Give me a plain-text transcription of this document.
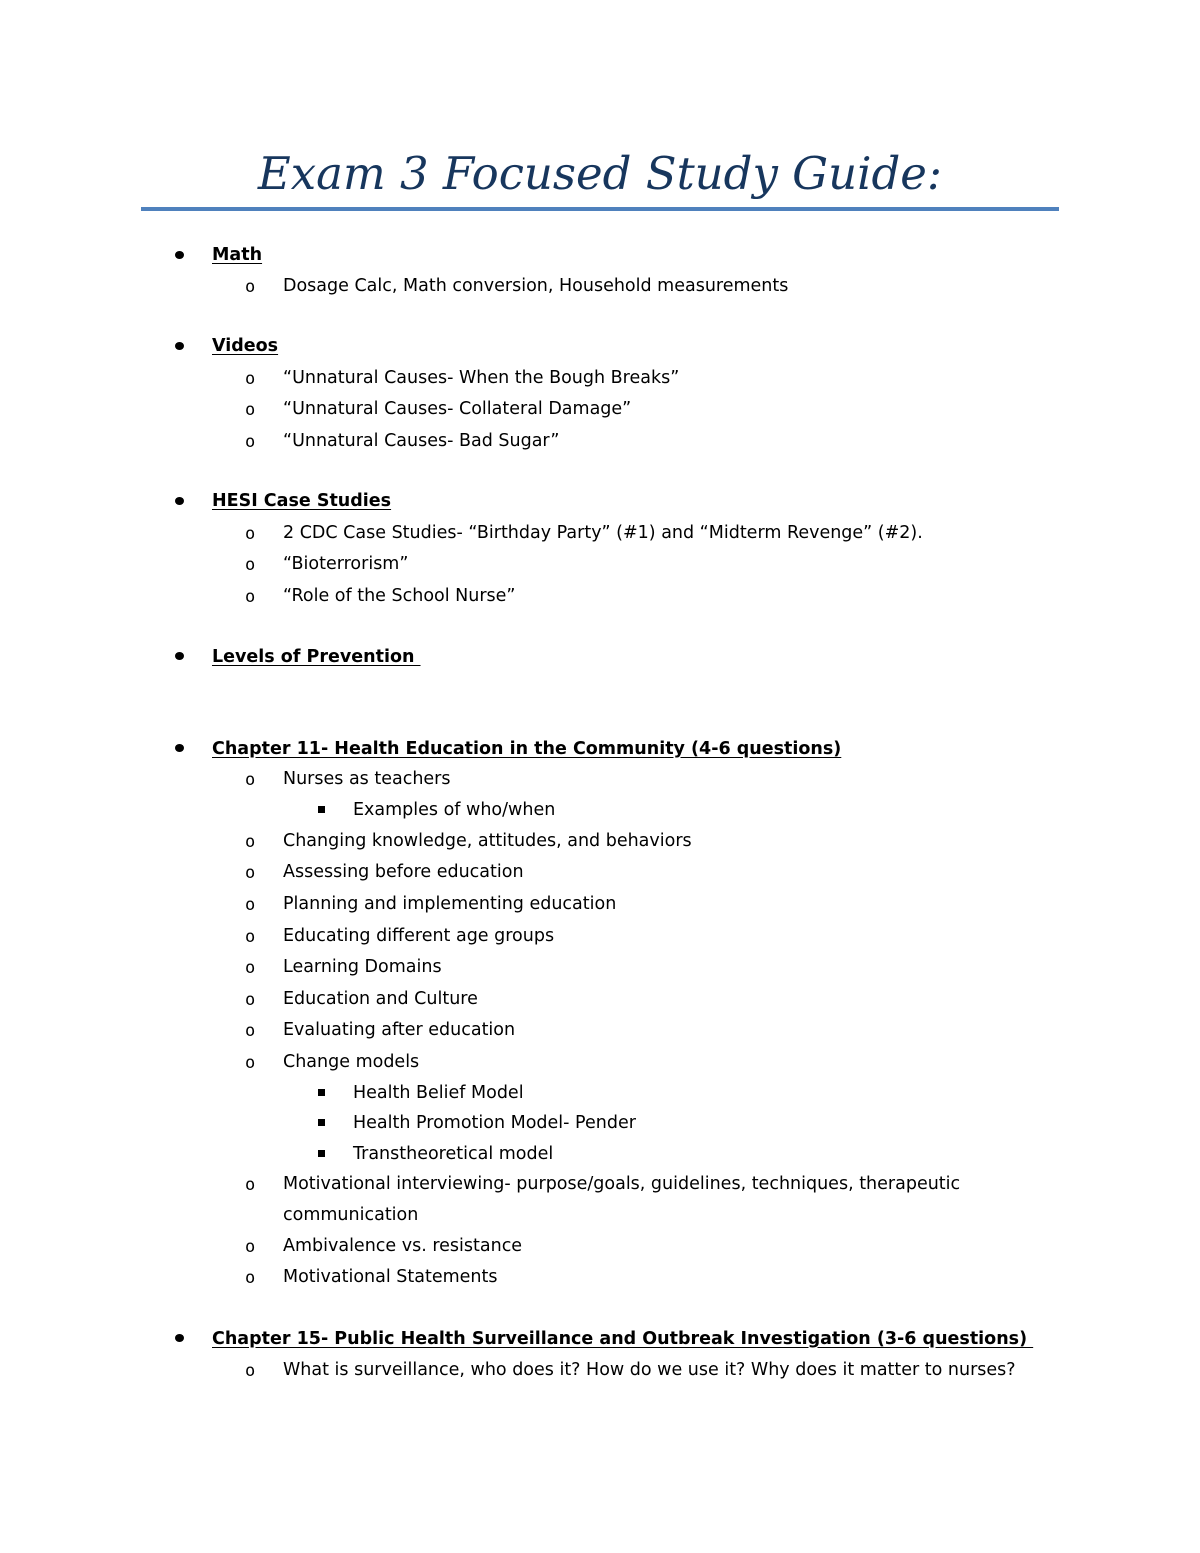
Exam 3 Focused Study Guide:
Math
o Dosage Calc, Math conversion, Household measurements
Videos
o “Unnatural Causes- When the Bough Breaks”
o “Unnatural Causes- Collateral Damage”
o “Unnatural Causes- Bad Sugar”
HESI Case Studies
o 2 CDC Case Studies- “Birthday Party” (#1) and “Midterm Revenge” (#2).
o “Bioterrorism”
o “Role of the School Nurse”
Levels of Prevention
Chapter 11- Health Education in the Community (4-6 questions)
o Nurses as teachers
Examples of who/when
o Changing knowledge, attitudes, and behaviors
o Assessing before education
o Planning and implementing education
o Educating different age groups
o Learning Domains
o Education and Culture
o Evaluating after education
o Change models
Health Belief Model
Health Promotion Model- Pender
Transtheoretical model
o Motivational interviewing- purpose/goals, guidelines, techniques, therapeutic
communication
o Ambivalence vs. resistance
o Motivational Statements
Chapter 15- Public Health Surveillance and Outbreak Investigation (3-6 questions)
o What is surveillance, who does it? How do we use it? Why does it matter to nurses?
